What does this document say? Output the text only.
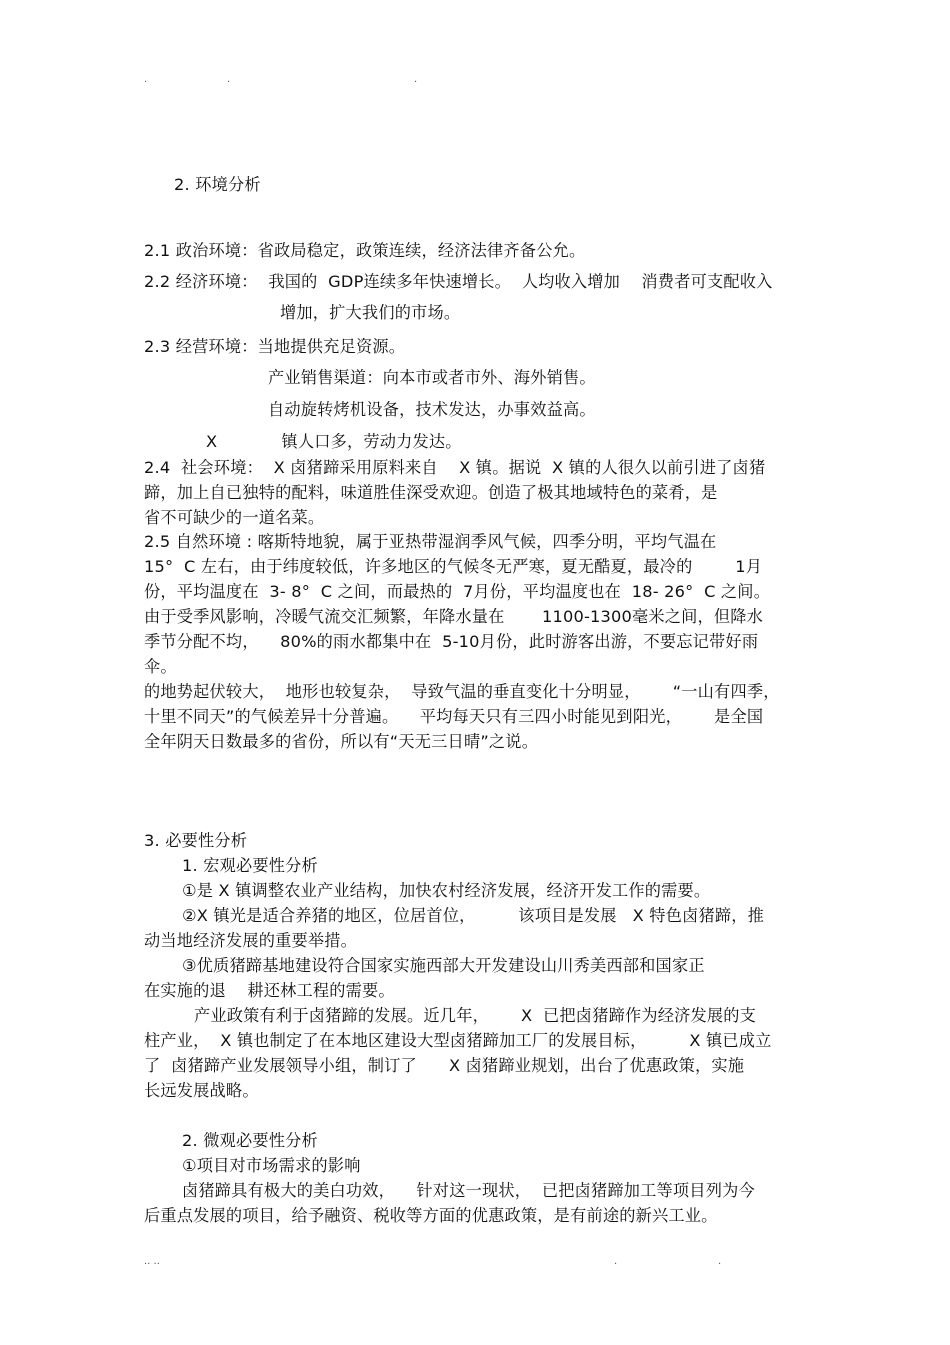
.	.	.
2. 环境分析
2.1 政治环境：省政局稳定，政策连续，经济法律齐备公允。
2.2 经济环境：  我国的  GDP连续多年快速增长。  人均收入增加    消费者可支配收入
增加，扩大我们的市场。
2.3 经营环境：当地提供充足资源。
产业销售渠道：向本市或者市外、海外销售。
自动旋转烤机设备，技术发达，办事效益高。
X            镇人口多，劳动力发达。
2.4  社会环境：  X 卤猪蹄采用原料来自    X 镇。据说  X 镇的人很久以前引进了卤猪
蹄，加上自已独特的配料，味道胜佳深受欢迎。创造了极其地域特色的菜肴，是
省不可缺少的一道名菜。
2.5 自然环境 : 喀斯特地貌，属于亚热带湿润季风气候，四季分明，平均气温在
15°  C 左右，由于纬度较低，许多地区的气候冬无严寒，夏无酷夏，最冷的        1月
份，平均温度在  3- 8°  C 之间，而最热的  7月份，平均温度也在  18- 26°  C 之间。
由于受季风影响，冷暖气流交汇频繁，年降水量在       1100-1300毫米之间，但降水
季节分配不均，    80%的雨水都集中在  5-10月份，此时游客出游，不要忘记带好雨
伞。
的地势起伏较大，  地形也较复杂，  导致气温的垂直变化十分明显，      “一山有四季，
十里不同天”的气候差异十分普遍。    平均每天只有三四小时能见到阳光，      是全国
全年阴天日数最多的省份，所以有“天无三日晴”之说。
3. 必要性分析
1. 宏观必要性分析
①是 X 镇调整农业产业结构，加快农村经济发展，经济开发工作的需要。
②X 镇光是适合养猪的地区，位居首位，        该项目是发展   X 特色卤猪蹄，推
动当地经济发展的重要举措。
③优质猪蹄基地建设符合国家实施西部大开发建设山川秀美西部和国家正
在实施的退    耕还林工程的需要。
产业政策有利于卤猪蹄的发展。近几年，      X  已把卤猪蹄作为经济发展的支
柱产业，  X 镇也制定了在本地区建设大型卤猪蹄加工厂的发展目标，        X 镇已成立
了  卤猪蹄产业发展领导小组，制订了      X 卤猪蹄业规划，出台了优惠政策，实施
长远发展战略。
2. 微观必要性分析
①项目对市场需求的影响
卤猪蹄具有极大的美白功效，    针对这一现状，  已把卤猪蹄加工等项目列为今
后重点发展的项目，给予融资、税收等方面的优惠政策，是有前途的新兴工业。
.. ..	.	.
